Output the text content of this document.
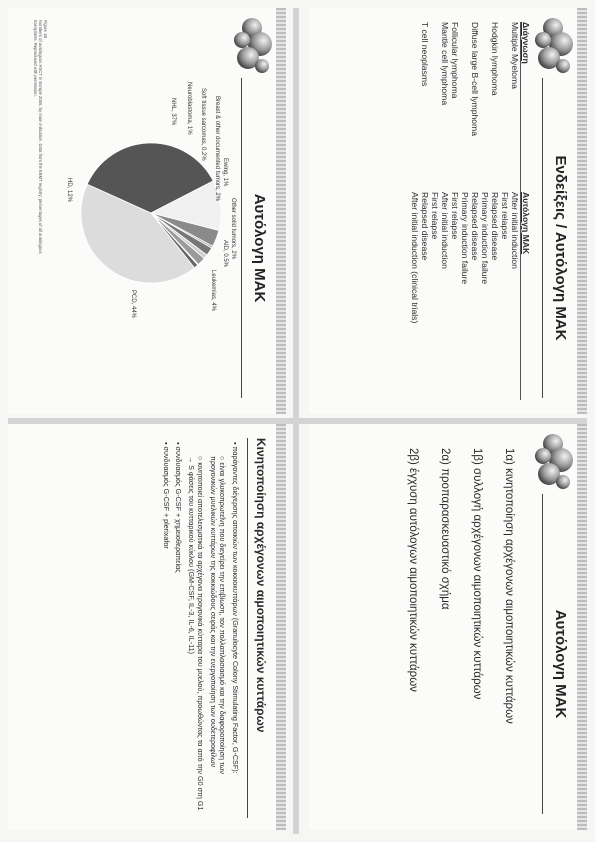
Ενδείξεις / Αυτόλογη ΜΑΚ
Διάγνωση
Αυτόλογη ΜΑΚ
Multiple Myeloma
After initial induction
First relapse
Hodgkin lymphoma
Relapsed disease
Primary induction failure
Diffuse large B-cell lymphoma
Relapsed disease
Primary induction failure
Follicular lymphoma
First relapse
Mantle cell lymphoma
After initial induction
First relapse
T cell neoplasms
Relapsed disease
After initial induction (clinical trials)
Αυτόλογη ΜΑΚ
PCD, 44%
NHL, 37%
HD, 12%
Leukemias, 4%
AID, 0.5% Other solid tumors, 2%
Ewing, 1%
Breast & other documented tumors, 2%
Soft tissue sarcomas, 0.2%
Neuroblastoma, 1%
Figure 1B
Numbers of autologous HSCT in Europe 2006, by main indication. Data from the EBMT registry; percentages of all autologous transplants. Reproduced with permission.
Αυτόλογη ΜΑΚ
1α) κινητοποίηση αρχέγονων αιμοποιητικών κυττάρων
1β) συλλογή αρχέγονων αιμοποιητικών κυττάρων
2α) προπαρασκευαστικό σχήμα
2β) έγχυση αυτόλογων αιμοποιητικών κυττάρων
Κινητοποίηση αρχέγονων αιμοποιητικών κυττάρων

▪ παράγοντες διέγερσης αποικιών των κοκκιοκυττάρων (Granulocyte Colony Stimulating Factor, G-CSF):

○ είναι γλυκοπρωτεΐνη που διεγείρει την επιβίωση, τον πολλαπλασιασμό και την διαφοροποίηση των προγονικών μυελικών κυττάρων της κοκκιώδους σειράς και την ενεργοποίηση των ουδετεροφίλων

○ κινητοποιεί αποτελεσματικά τα αρχέγονα προγονικά κύτταρα του μυελού, προωθώντας τα από την G0 στη G1 → S φάσεις του κυτταρικού κύκλου (GM-CSF, IL-3, IL-6, IL-11)

▪ συνδυασμός G-CSF + χημειοθεραπείας

▪ συνδυασμός G-CSF + plerixafor
